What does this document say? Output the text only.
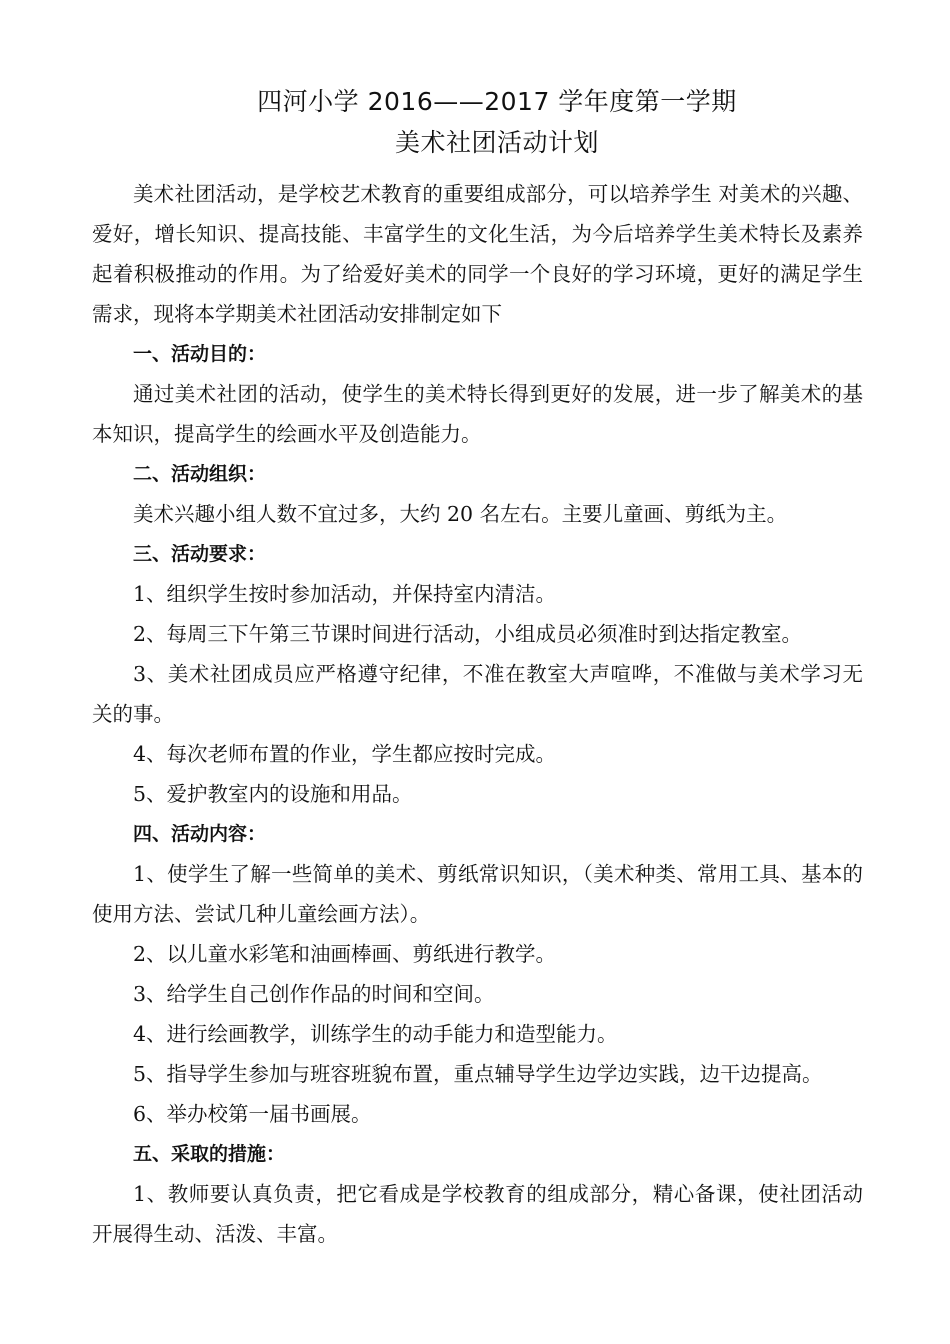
四河小学 2016——2017 学年度第一学期
美术社团活动计划

美术社团活动，是学校艺术教育的重要组成部分，可以培养学生 对美术的兴趣、爱好，增长知识、提高技能、丰富学生的文化生活，为今后培养学生美术特长及素养起着积极推动的作用。为了给爱好美术的同学一个良好的学习环境，更好的满足学生需求，现将本学期美术社团活动安排制定如下

一、活动目的：

通过美术社团的活动，使学生的美术特长得到更好的发展，进一步了解美术的基本知识，提高学生的绘画水平及创造能力。

二、活动组织：

美术兴趣小组人数不宜过多，大约 20 名左右。主要儿童画、剪纸为主。

三、活动要求：

1、组织学生按时参加活动，并保持室内清洁。

2、每周三下午第三节课时间进行活动，小组成员必须准时到达指定教室。

3、美术社团成员应严格遵守纪律，不准在教室大声喧哗，不准做与美术学习无关的事。

4、每次老师布置的作业，学生都应按时完成。

5、爱护教室内的设施和用品。

四、活动内容：

1、使学生了解一些简单的美术、剪纸常识知识，（美术种类、常用工具、基本的使用方法、尝试几种儿童绘画方法）。

2、以儿童水彩笔和油画棒画、剪纸进行教学。

3、给学生自己创作作品的时间和空间。

4、进行绘画教学，训练学生的动手能力和造型能力。

5、指导学生参加与班容班貌布置，重点辅导学生边学边实践，边干边提高。

6、举办校第一届书画展。

五、采取的措施：

1、教师要认真负责，把它看成是学校教育的组成部分，精心备课，使社团活动开展得生动、活泼、丰富。
